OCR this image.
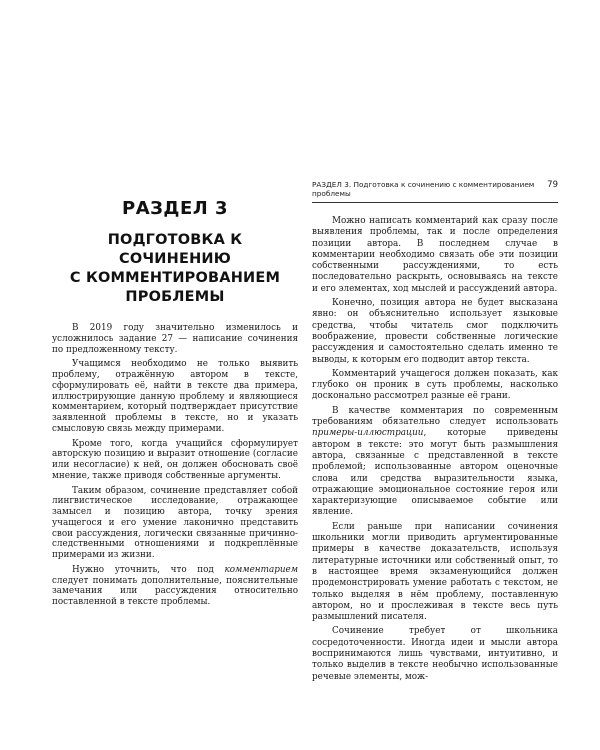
РАЗДЕЛ 3
ПОДГОТОВКА К СОЧИНЕНИЮ
С КОММЕНТИРОВАНИЕМ
ПРОБЛЕМЫ

В 2019 году значительно изменилось и усложнилось задание 27 — написание сочинения по предложенному тексту.

Учащимся необходимо не только выявить проблему, отражённую автором в тексте, сформулировать её, найти в тексте два примера, иллюстрирующие данную проблему и являющиеся комментарием, который подтверждает присутствие заявленной проблемы в тексте, но и указать смысловую связь между примерами.

Кроме того, когда учащийся сформулирует авторскую позицию и выразит отношение (согласие или несогласие) к ней, он должен обосновать своё мнение, также приводя собственные аргументы.

Таким образом, сочинение представляет собой лингвистическое исследование, отражающее замысел и позицию автора, точку зрения учащегося и его умение лаконично представить свои рассуждения, логически связанные причинно-следственными отношениями и подкреплённые примерами из жизни.

Нужно уточнить, что под комментарием следует понимать дополнительные, пояснительные замечания или рассуждения относительно поставленной в тексте проблемы.

РАЗДЕЛ 3. Подготовка к сочинению с комментированием проблемы
79

Можно написать комментарий как сразу после выявления проблемы, так и после определения позиции автора. В последнем случае в комментарии необходимо связать обе эти позиции собственными рассуждениями, то есть последовательно раскрыть, основываясь на тексте и его элементах, ход мыслей и рассуждений автора.

Конечно, позиция автора не будет высказана явно: он объяснительно использует языковые средства, чтобы читатель смог подключить воображение, провести собственные логические рассуждения и самостоятельно сделать именно те выводы, к которым его подводит автор текста.

Комментарий учащегося должен показать, как глубоко он проник в суть проблемы, насколько досконально рассмотрел разные её грани.

В качестве комментария по современным требованиям обязательно следует использовать примеры-иллюстрации, которые приведены автором в тексте: это могут быть размышления автора, связанные с представленной в тексте проблемой; использованные автором оценочные слова или средства выразительности языка, отражающие эмоциональное состояние героя или характеризующие описываемое событие или явление.

Если раньше при написании сочинения школьники могли приводить аргументированные примеры в качестве доказательств, используя литературные источники или собственный опыт, то в настоящее время экзаменующийся должен продемонстрировать умение работать с текстом, не только выделяя в нём проблему, поставленную автором, но и прослеживая в тексте весь путь размышлений писателя.

Сочинение требует от школьника сосредоточенности. Иногда идеи и мысли автора воспринимаются лишь чувствами, интуитивно, и только выделив в тексте необычно использованные речевые элементы, мож-
